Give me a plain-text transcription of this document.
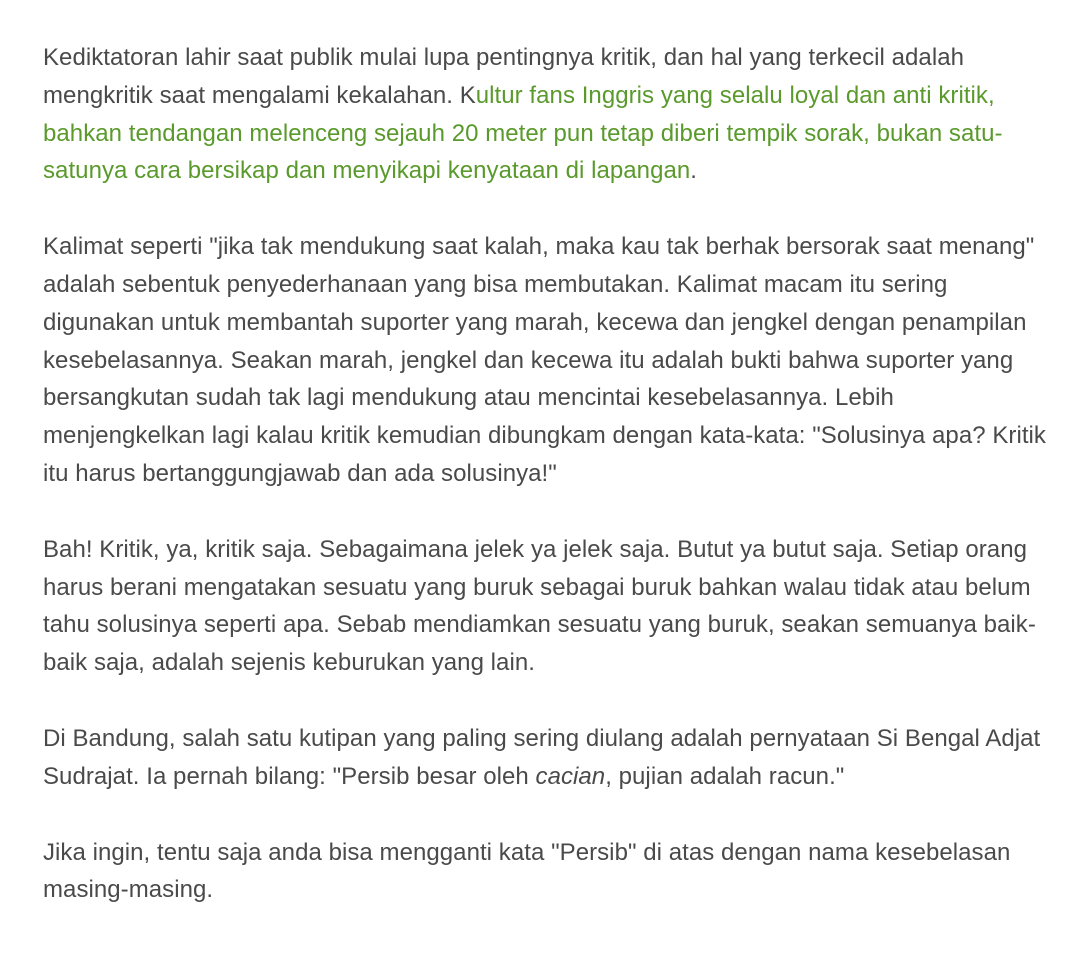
Kediktatoran lahir saat publik mulai lupa pentingnya kritik, dan hal yang terkecil adalah mengkritik saat mengalami kekalahan. Kultur fans Inggris yang selalu loyal dan anti kritik, bahkan tendangan melenceng sejauh 20 meter pun tetap diberi tempik sorak, bukan satu-satunya cara bersikap dan menyikapi kenyataan di lapangan.

Kalimat seperti "jika tak mendukung saat kalah, maka kau tak berhak bersorak saat menang" adalah sebentuk penyederhanaan yang bisa membutakan. Kalimat macam itu sering digunakan untuk membantah suporter yang marah, kecewa dan jengkel dengan penampilan kesebelasannya. Seakan marah, jengkel dan kecewa itu adalah bukti bahwa suporter yang bersangkutan sudah tak lagi mendukung atau mencintai kesebelasannya. Lebih menjengkelkan lagi kalau kritik kemudian dibungkam dengan kata-kata: "Solusinya apa? Kritik itu harus bertanggungjawab dan ada solusinya!"

Bah! Kritik, ya, kritik saja. Sebagaimana jelek ya jelek saja. Butut ya butut saja. Setiap orang harus berani mengatakan sesuatu yang buruk sebagai buruk bahkan walau tidak atau belum tahu solusinya seperti apa. Sebab mendiamkan sesuatu yang buruk, seakan semuanya baik-baik saja, adalah sejenis keburukan yang lain.

Di Bandung, salah satu kutipan yang paling sering diulang adalah pernyataan Si Bengal Adjat Sudrajat. Ia pernah bilang: "Persib besar oleh cacian, pujian adalah racun."

Jika ingin, tentu saja anda bisa mengganti kata "Persib" di atas dengan nama kesebelasan masing-masing.
